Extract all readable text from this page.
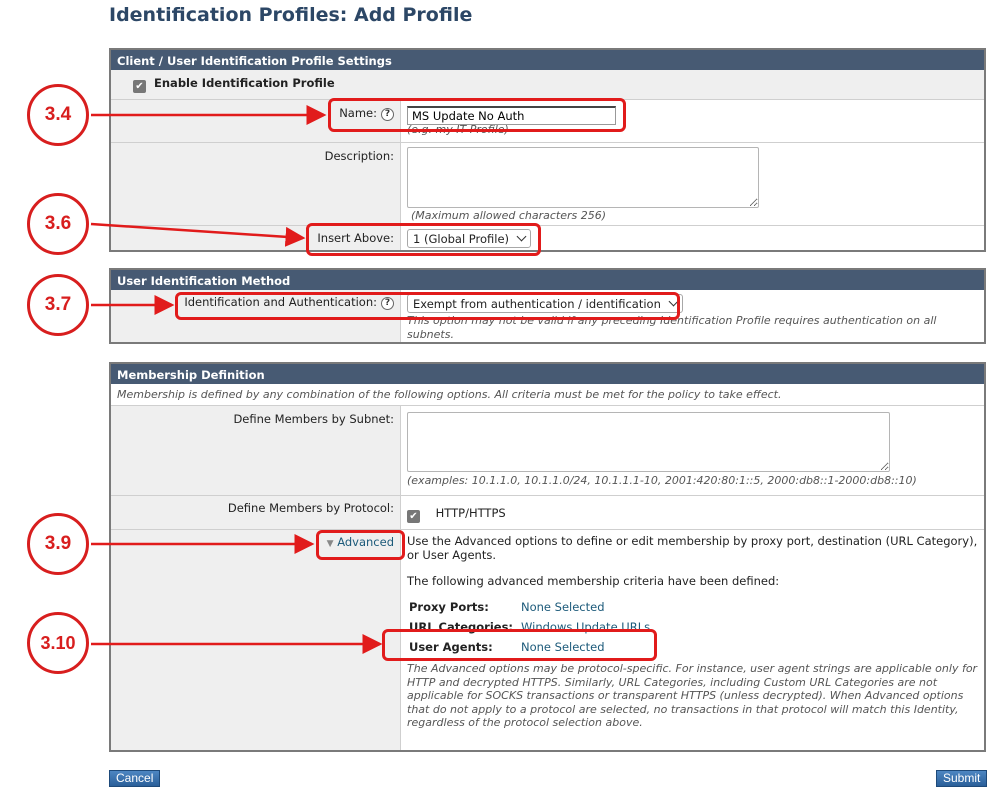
Identification Profiles: Add Profile
Client / User Identification Profile Settings
✔ Enable Identification Profile
Name: ?
MS Update No Auth
(e.g. my IT Profile)
Description:
(Maximum allowed characters 256)
Insert Above:	1 (Global Profile)
User Identification Method
Identification and Authentication: ?	Exempt from authentication / identification
This option may not be valid if any preceding Identification Profile requires authentication on all subnets.
Membership Definition
Membership is defined by any combination of the following options. All criteria must be met for the policy to take effect.
Define Members by Subnet:
(examples: 10.1.1.0, 10.1.1.0/24, 10.1.1.1-10, 2001:420:80:1::5, 2000:db8::1-2000:db8::10)
Define Members by Protocol:
✔ HTTP/HTTPS
▼ Advanced	Use the Advanced options to define or edit membership by proxy port, destination (URL Category), or User Agents.
The following advanced membership criteria have been defined:
Proxy Ports:	None Selected
URL Categories: Windows Update URLs
User Agents:	None Selected
The Advanced options may be protocol-specific. For instance, user agent strings are applicable only for HTTP and decrypted HTTPS. Similarly, URL Categories, including Custom URL Categories are not applicable for SOCKS transactions or transparent HTTPS (unless decrypted). When Advanced options that do not apply to a protocol are selected, no transactions in that protocol will match this Identity, regardless of the protocol selection above.
Cancel	Submit
3.4
3.6
3.7
3.9
3.10
